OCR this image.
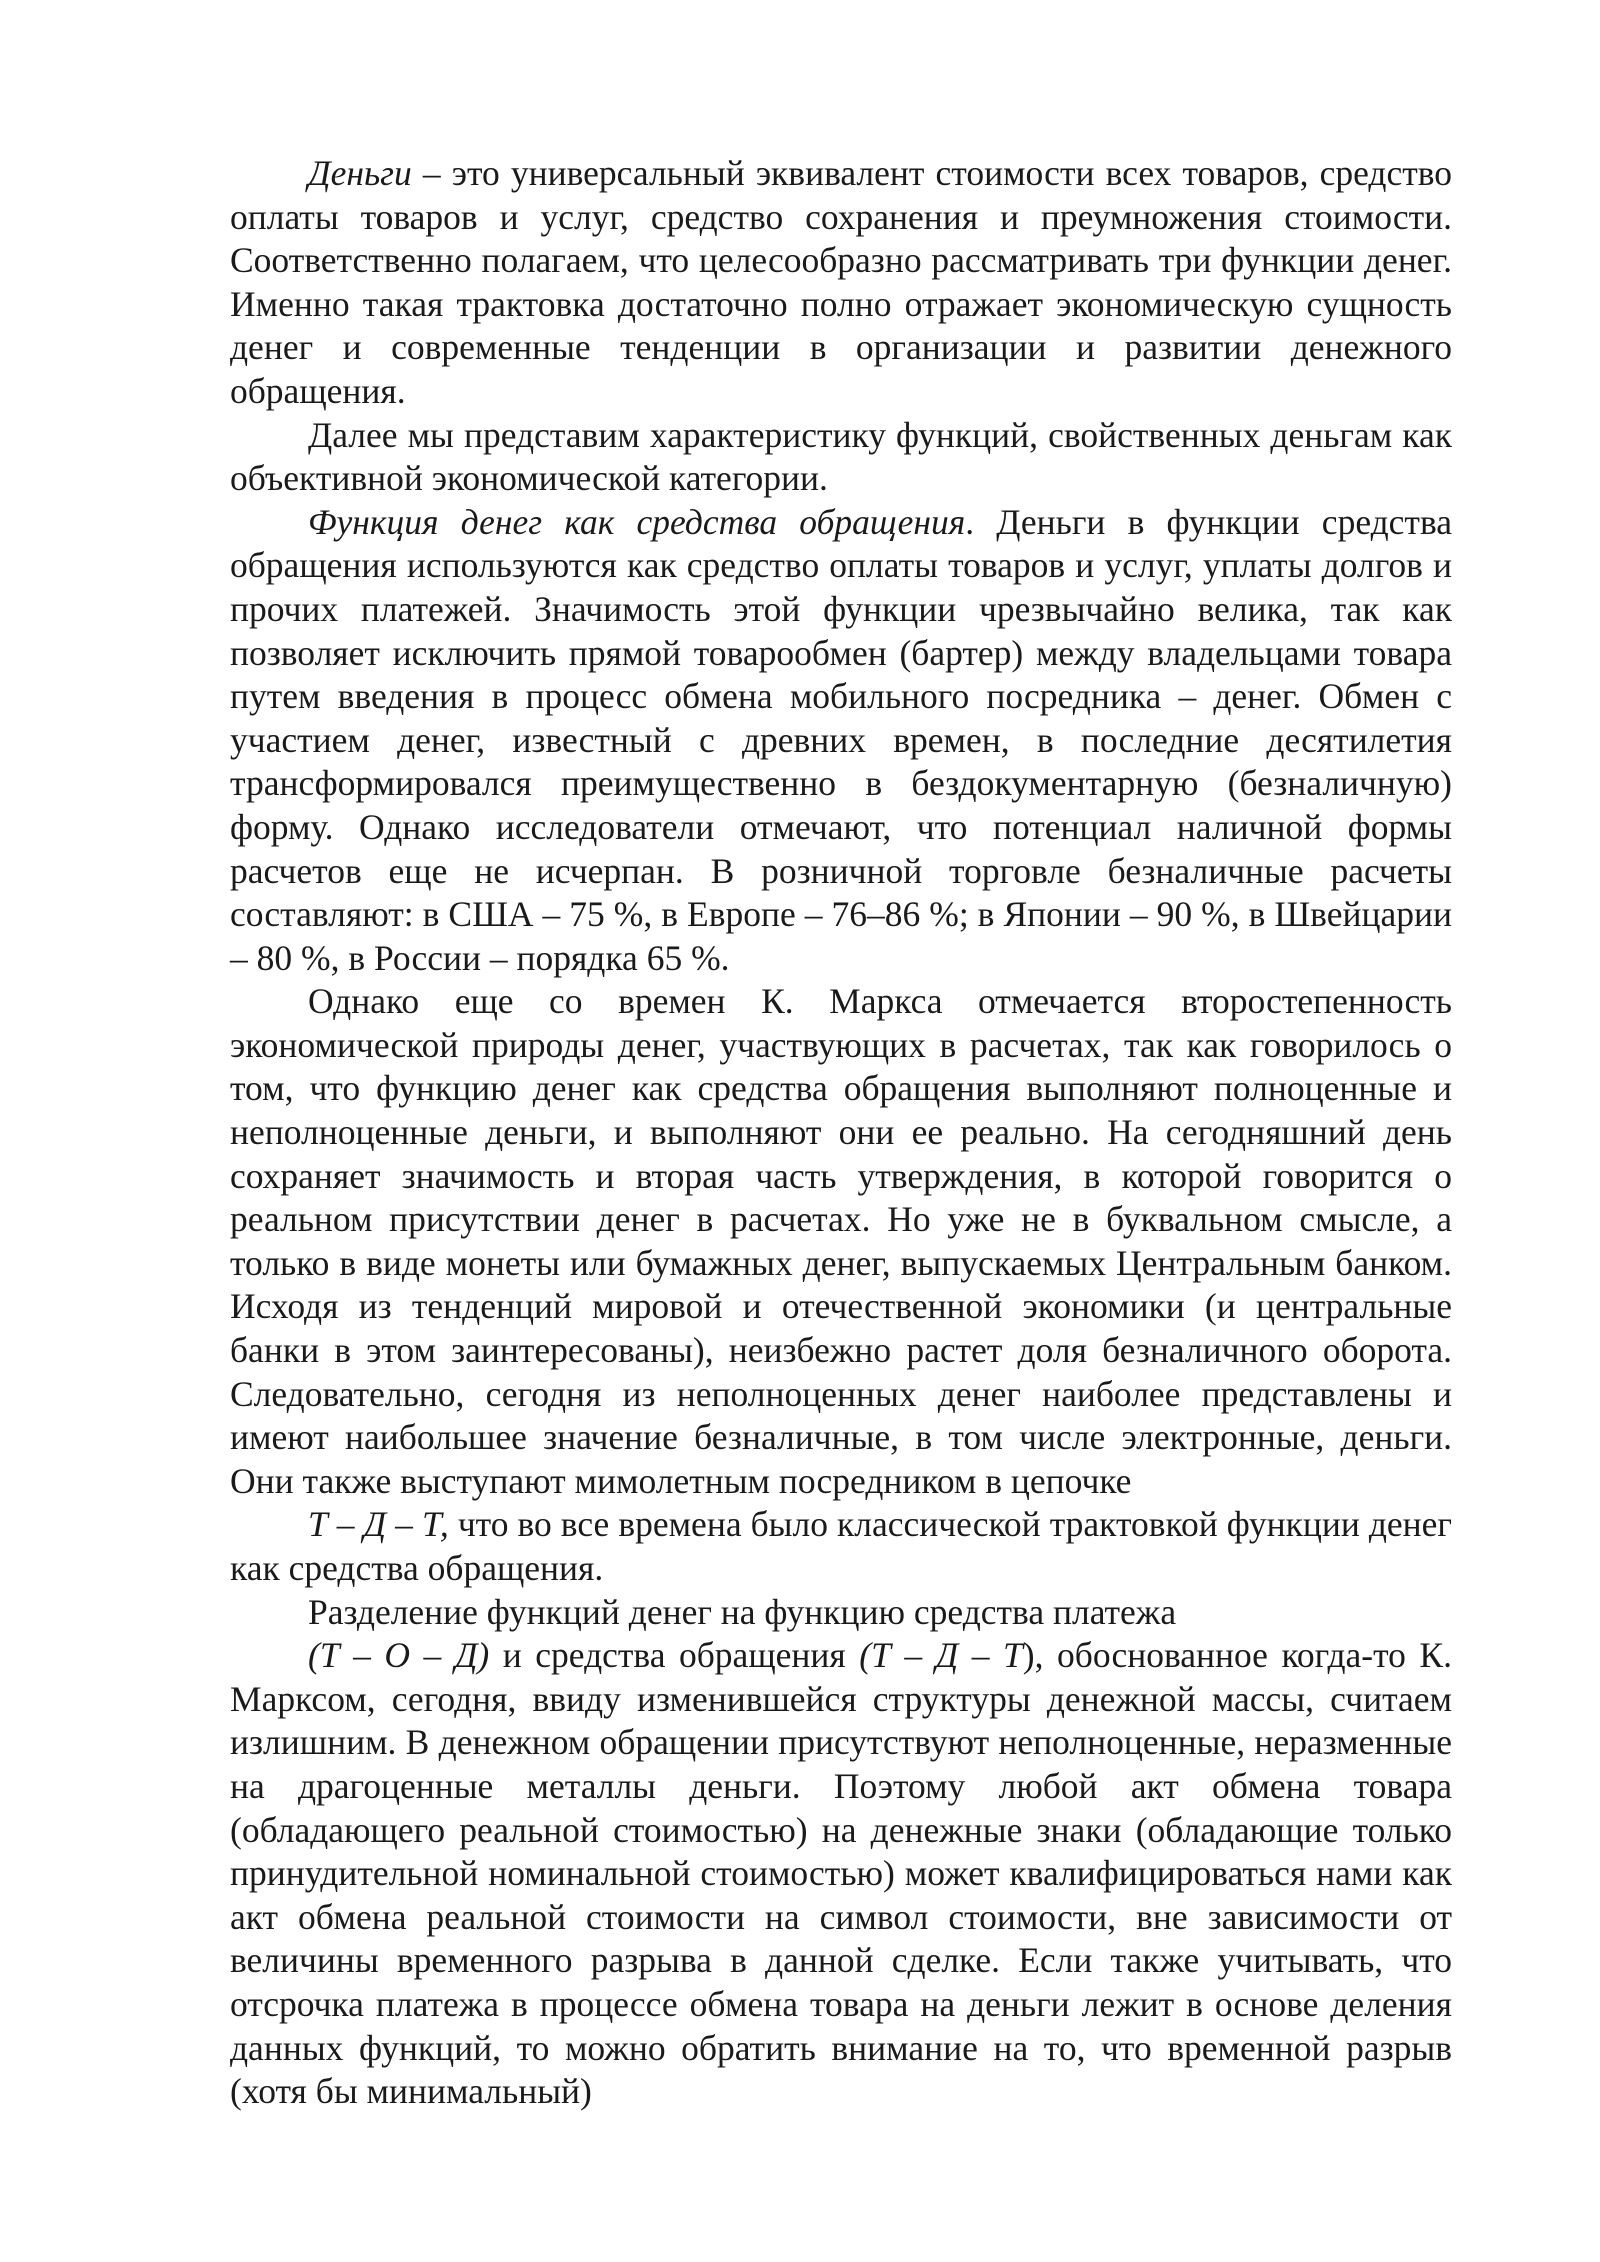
Деньги – это универсальный эквивалент стоимости всех товаров, средство оплаты товаров и услуг, средство сохранения и преумножения стоимости. Соответственно полагаем, что целесообразно рассматривать три функции денег. Именно такая трактовка достаточно полно отражает экономическую сущность денег и современные тенденции в организации и развитии денежного обращения.

Далее мы представим характеристику функций, свойственных деньгам как объективной экономической категории.

Функция денег как средства обращения. Деньги в функции средства обращения используются как средство оплаты товаров и услуг, уплаты долгов и прочих платежей. Значимость этой функции чрезвычайно велика, так как позволяет исключить прямой товарообмен (бартер) между владельцами товара путем введения в процесс обмена мобильного посредника – денег. Обмен с участием денег, известный с древних времен, в последние десятилетия трансформировался преимущественно в бездокументарную (безналичную) форму. Однако исследователи отмечают, что потенциал наличной формы расчетов еще не исчерпан. В розничной торговле безналичные расчеты составляют: в США – 75 %, в Европе – 76–86 %; в Японии – 90 %, в Швейцарии – 80 %, в России – порядка 65 %.

Однако еще со времен К. Маркса отмечается второстепенность экономической природы денег, участвующих в расчетах, так как говорилось о том, что функцию денег как средства обращения выполняют полноценные и неполноценные деньги, и выполняют они ее реально. На сегодняшний день сохраняет значимость и вторая часть утверждения, в которой говорится о реальном присутствии денег в расчетах. Но уже не в буквальном смысле, а только в виде монеты или бумажных денег, выпускаемых Центральным банком. Исходя из тенденций мировой и отечественной экономики (и центральные банки в этом заинтересованы), неизбежно растет доля безналичного оборота. Следовательно, сегодня из неполноценных денег наиболее представлены и имеют наибольшее значение безналичные, в том числе электронные, деньги. Они также выступают мимолетным посредником в цепочке

Т – Д – Т, что во все времена было классической трактовкой функции денег как средства обращения.

Разделение функций денег на функцию средства платежа

(Т – О – Д) и средства обращения (Т – Д – Т), обоснованное когда-то К. Марксом, сегодня, ввиду изменившейся структуры денежной массы, считаем излишним. В денежном обращении присутствуют неполноценные, неразменные на драгоценные металлы деньги. Поэтому любой акт обмена товара (обладающего реальной стоимостью) на денежные знаки (обладающие только принудительной номинальной стоимостью) может квалифицироваться нами как акт обмена реальной стоимости на символ стоимости, вне зависимости от величины временного разрыва в данной сделке. Если также учитывать, что отсрочка платежа в процессе обмена товара на деньги лежит в основе деления данных функций, то можно обратить внимание на то, что временной разрыв (хотя бы минимальный)
